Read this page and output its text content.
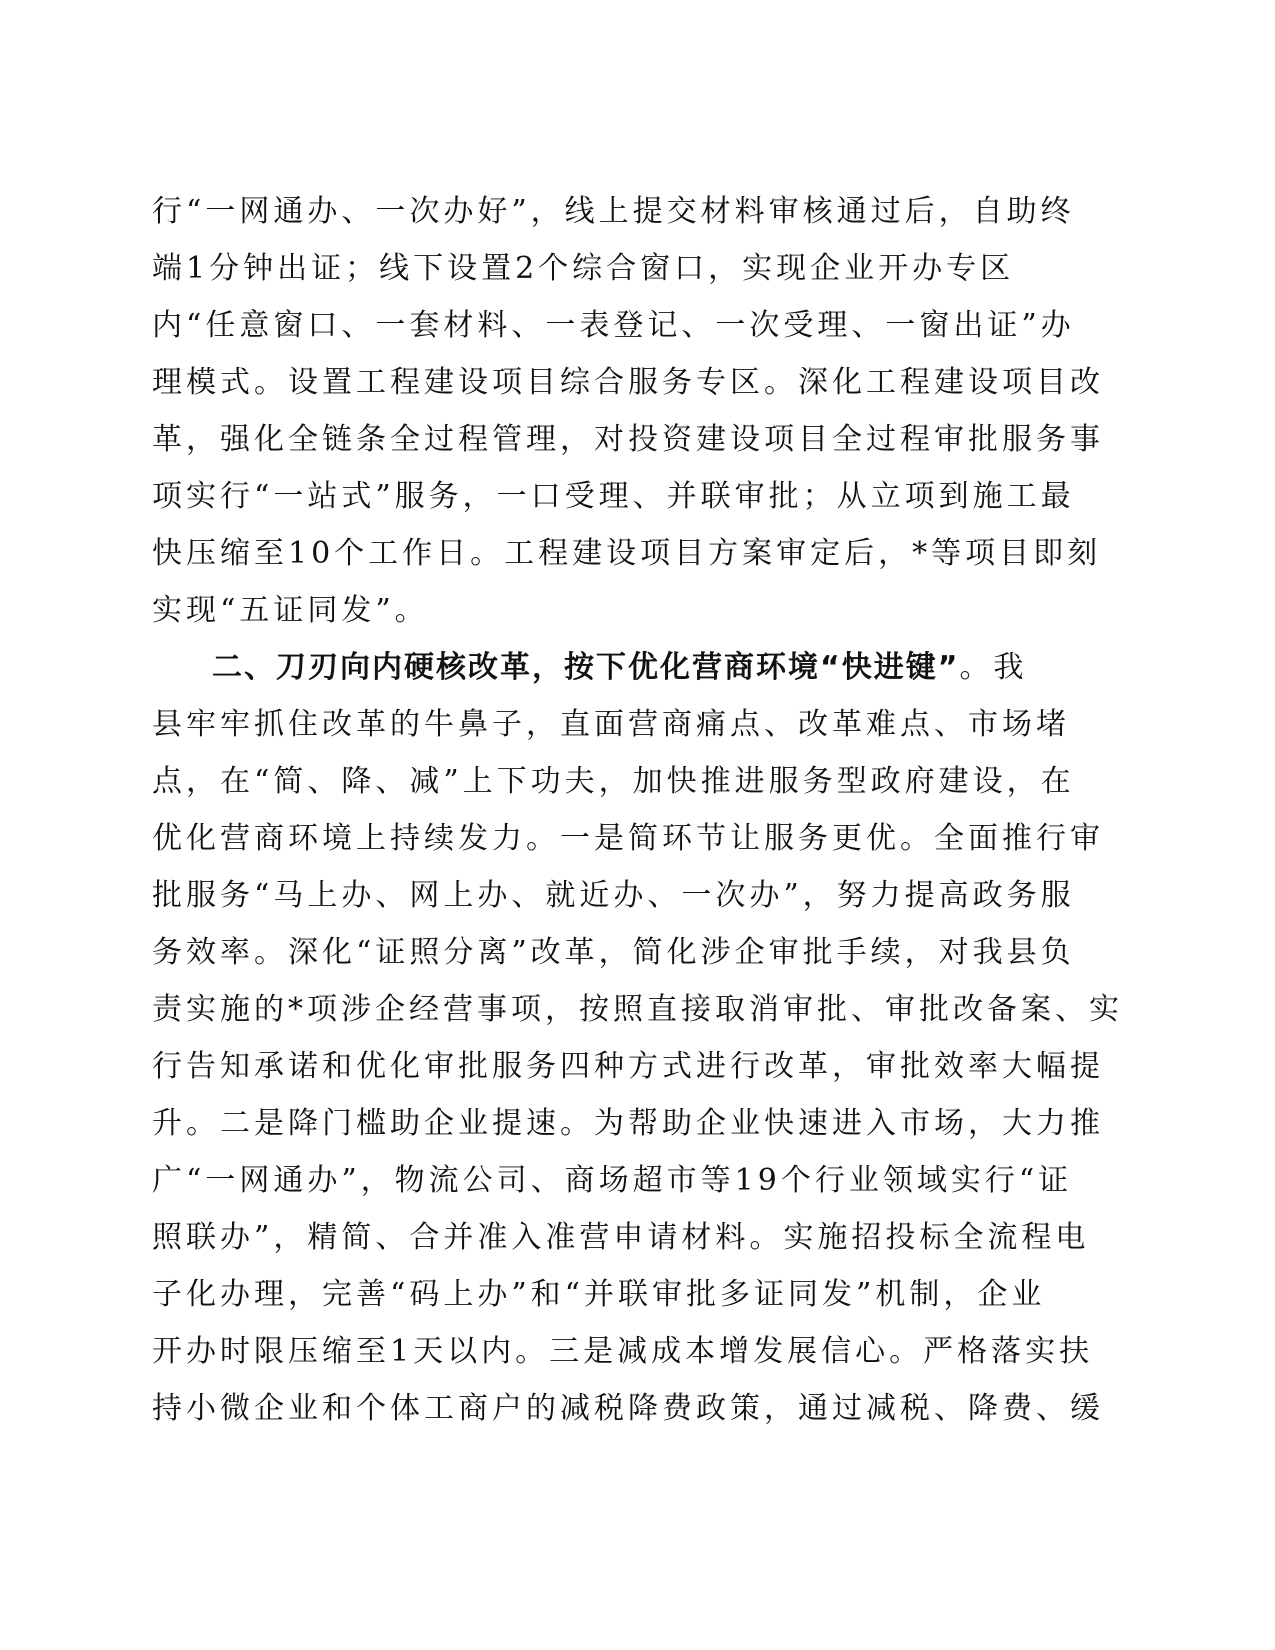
行“一网通办、一次办好”，线上提交材料审核通过后，自助终
端1分钟出证；线下设置2个综合窗口，实现企业开办专区
内“任意窗口、一套材料、一表登记、一次受理、一窗出证”办
理模式。设置工程建设项目综合服务专区。深化工程建设项目改
革，强化全链条全过程管理，对投资建设项目全过程审批服务事
项实行“一站式”服务，一口受理、并联审批；从立项到施工最
快压缩至10个工作日。工程建设项目方案审定后，*等项目即刻
实现“五证同发”。
二、刀刃向内硬核改革，按下优化营商环境“快进键”。我
县牢牢抓住改革的牛鼻子，直面营商痛点、改革难点、市场堵
点，在“简、降、减”上下功夫，加快推进服务型政府建设，在
优化营商环境上持续发力。一是简环节让服务更优。全面推行审
批服务“马上办、网上办、就近办、一次办”，努力提高政务服
务效率。深化“证照分离”改革，简化涉企审批手续，对我县负
责实施的*项涉企经营事项，按照直接取消审批、审批改备案、实
行告知承诺和优化审批服务四种方式进行改革，审批效率大幅提
升。二是降门槛助企业提速。为帮助企业快速进入市场，大力推
广“一网通办”，物流公司、商场超市等19个行业领域实行“证
照联办”，精简、合并准入准营申请材料。实施招投标全流程电
子化办理，完善“码上办”和“并联审批多证同发”机制，企业
开办时限压缩至1天以内。三是减成本增发展信心。严格落实扶
持小微企业和个体工商户的减税降费政策，通过减税、降费、缓
